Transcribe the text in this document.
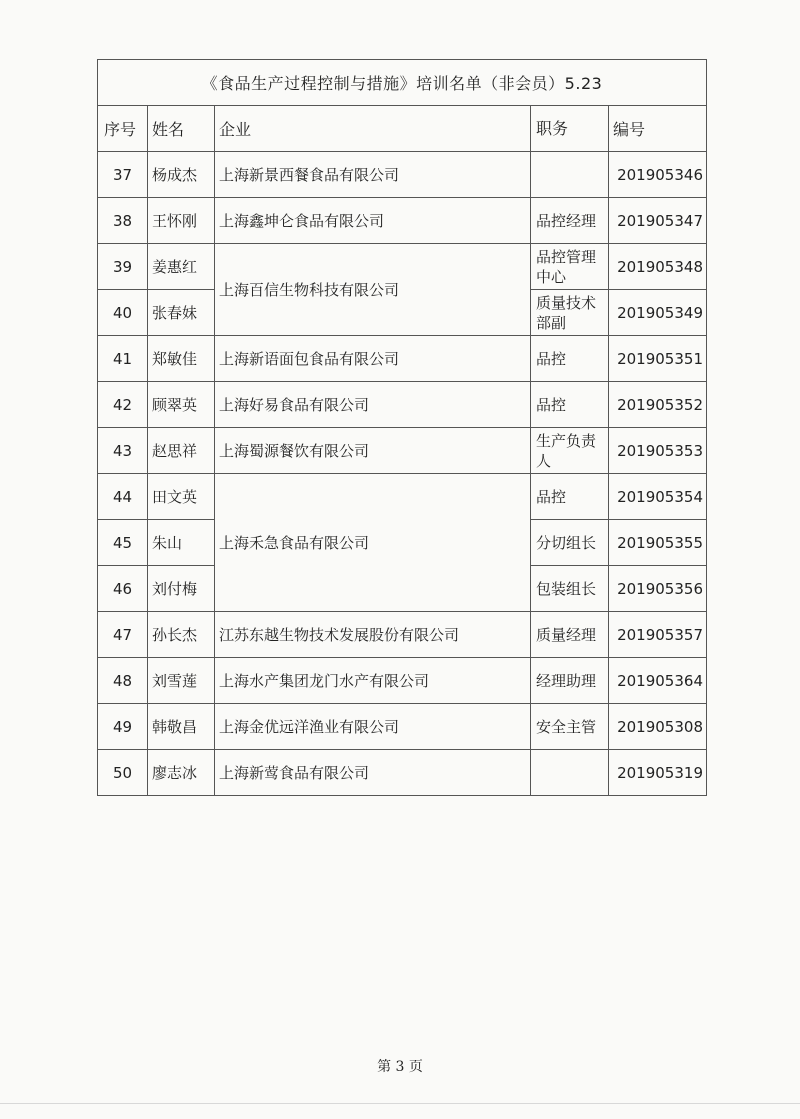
《食品生产过程控制与措施》培训名单（非会员）5.23				
序号	姓名	企业	职务	编号
37	杨成杰	上海新景西餐食品有限公司		201905346
38	王怀刚	上海鑫坤仑食品有限公司	品控经理	201905347
39	姜惠红	上海百信生物科技有限公司	品控管理中心	201905348
40	张春妹		质量技术部副	201905349
41	郑敏佳	上海新语面包食品有限公司	品控	201905351
42	顾翠英	上海好易食品有限公司	品控	201905352
43	赵思祥	上海蜀源餐饮有限公司	生产负责人	201905353
44	田文英	上海禾急食品有限公司	品控	201905354
45	朱山		分切组长	201905355
46	刘付梅		包装组长	201905356
47	孙长杰	江苏东越生物技术发展股份有限公司	质量经理	201905357
48	刘雪莲	上海水产集团龙门水产有限公司	经理助理	201905364
49	韩敬昌	上海金优远洋渔业有限公司	安全主管	201905308
50	廖志冰	上海新莺食品有限公司		201905319
第 3 页
